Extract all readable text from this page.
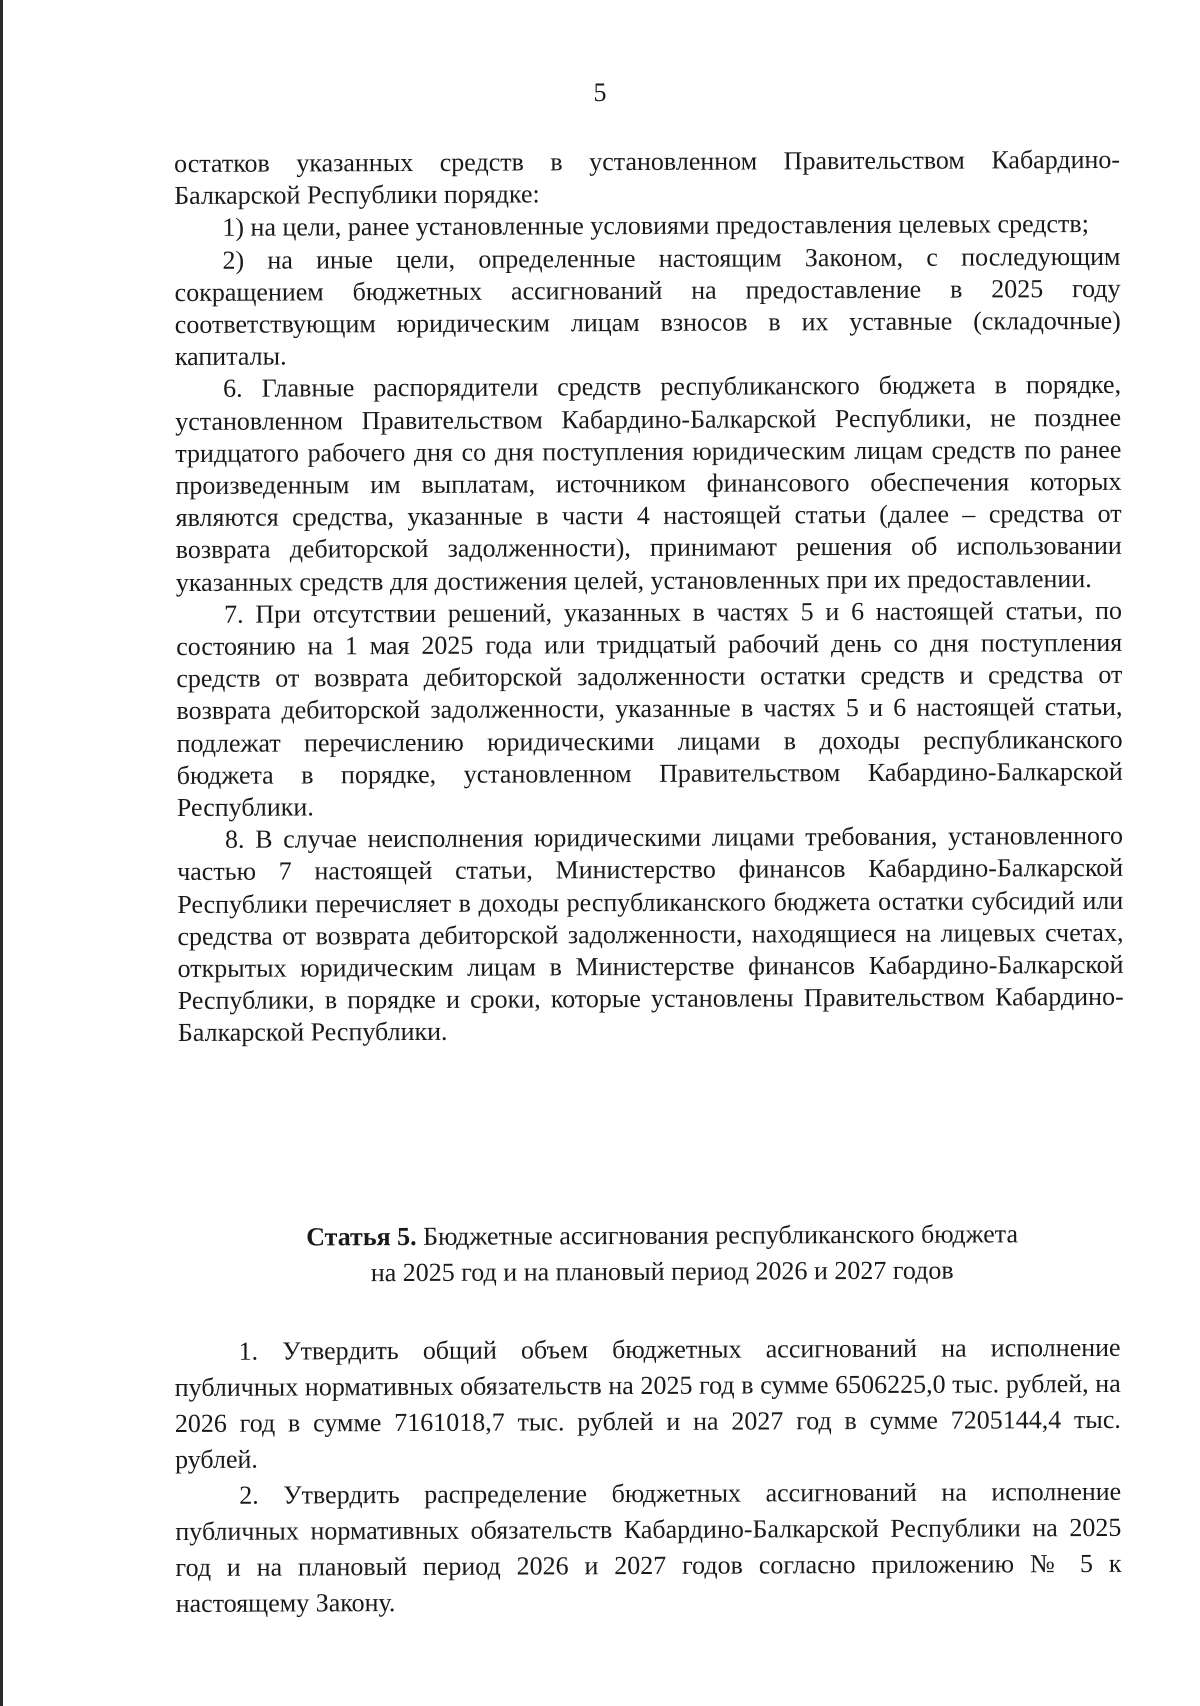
5

остатков указанных средств в установленном Правительством Кабардино-Балкарской Республики порядке:

1) на цели, ранее установленные условиями предоставления целевых средств;

2) на иные цели, определенные настоящим Законом, с последующим сокращением бюджетных ассигнований на предоставление в 2025 году соответствующим юридическим лицам взносов в их уставные (складочные) капиталы.

6. Главные распорядители средств республиканского бюджета в порядке, установленном Правительством Кабардино-Балкарской Республики, не позднее тридцатого рабочего дня со дня поступления юридическим лицам средств по ранее произведенным им выплатам, источником финансового обеспечения которых являются средства, указанные в части 4 настоящей статьи (далее – средства от возврата дебиторской задолженности), принимают решения об использовании указанных средств для достижения целей, установленных при их предоставлении.

7. При отсутствии решений, указанных в частях 5 и 6 настоящей статьи, по состоянию на 1 мая 2025 года или тридцатый рабочий день со дня поступления средств от возврата дебиторской задолженности остатки средств и средства от возврата дебиторской задолженности, указанные в частях 5 и 6 настоящей статьи, подлежат перечислению юридическими лицами в доходы республиканского бюджета в порядке, установленном Правительством Кабардино-Балкарской Республики.

8. В случае неисполнения юридическими лицами требования, установленного частью 7 настоящей статьи, Министерство финансов Кабардино-Балкарской Республики перечисляет в доходы республиканского бюджета остатки субсидий или средства от возврата дебиторской задолженности, находящиеся на лицевых счетах, открытых юридическим лицам в Министерстве финансов Кабардино-Балкарской Республики, в порядке и сроки, которые установлены Правительством Кабардино-Балкарской Республики.

Статья 5. Бюджетные ассигнования республиканского бюджета
на 2025 год и на плановый период 2026 и 2027 годов

1. Утвердить общий объем бюджетных ассигнований на исполнение публичных нормативных обязательств на 2025 год в сумме 6506225,0 тыс. рублей, на 2026 год в сумме 7161018,7 тыс. рублей и на 2027 год в сумме 7205144,4 тыс. рублей.

2. Утвердить распределение бюджетных ассигнований на исполнение публичных нормативных обязательств Кабардино-Балкарской Республики на 2025 год и на плановый период 2026 и 2027 годов согласно приложению № 5 к настоящему Закону.
